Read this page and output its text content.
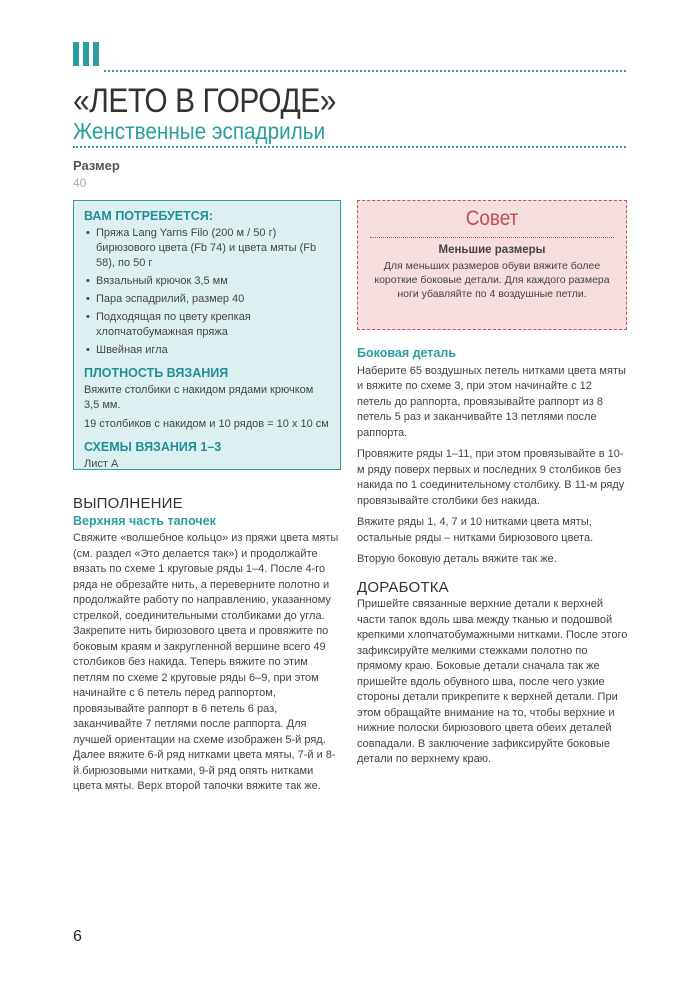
«ЛЕТО В ГОРОДЕ»
Женственные эспадрильи
Размер
40
ВАМ ПОТРЕБУЕТСЯ:
• Пряжа Lang Yarns Filo (200 м / 50 г) бирюзового цвета (Fb 74) и цвета мяты (Fb 58), по 50 г
• Вязальный крючок 3,5 мм
• Пара эспадрилий, размер 40
• Подходящая по цвету крепкая хлопчатобумажная пряжа
• Швейная игла
ПЛОТНОСТЬ ВЯЗАНИЯ

Вяжите столбики с накидом рядами крючком 3,5 мм.

19 столбиков с накидом и 10 рядов = 10 х 10 см

СХЕМЫ ВЯЗАНИЯ 1–3

Лист А

Совет
Меньшие размеры
Для меньших размеров обуви вяжите более короткие боковые детали. Для каждого размера ноги убавляйте по 4 воздушные петли.
ВЫПОЛНЕНИЕ
Верхняя часть тапочек

Свяжите «волшебное кольцо» из пряжи цвета мяты (см. раздел «Это делается так») и продолжайте вязать по схеме 1 круговые ряды 1–4. После 4-го ряда не обрезайте нить, а переверните полотно и продолжайте работу по направлению, указанному стрелкой, соединительными столбиками до угла. Закрепите нить бирюзового цвета и провяжите по боковым краям и закругленной вершине всего 49 столбиков без накида. Теперь вяжите по этим петлям по схеме 2 круговые ряды 6–9, при этом начинайте с 6 петель перед раппортом, провязывайте раппорт в 6 петель 6 раз, заканчивайте 7 петлями после раппорта. Для лучшей ориентации на схеме изображен 5-й ряд. Далее вяжите 6-й ряд нитками цвета мяты, 7-й и 8-й бирюзовыми нитками, 9-й ряд опять нитками цвета мяты. Верх второй тапочки вяжите так же.

Боковая деталь

Наберите 65 воздушных петель нитками цвета мяты и вяжите по схеме 3, при этом начинайте с 12 петель до раппорта, провязывайте раппорт из 8 петель 5 раз и заканчивайте 13 петлями после раппорта.

Провяжите ряды 1–11, при этом провязывайте в 10-м ряду поверх первых и последних 9 столбиков без накида по 1 соединительному столбику. В 11-м ряду провязывайте столбики без накида.

Вяжите ряды 1, 4, 7 и 10 нитками цвета мяты, остальные ряды – нитками бирюзового цвета.

Вторую боковую деталь вяжите так же.

ДОРАБОТКА

Пришейте связанные верхние детали к верхней части тапок вдоль шва между тканью и подошвой крепкими хлопчатобумажными нитками. После этого зафиксируйте мелкими стежками полотно по прямому краю. Боковые детали сначала так же пришейте вдоль обувного шва, после чего узкие стороны детали прикрепите к верхней детали. При этом обращайте внимание на то, чтобы верхние и нижние полоски бирюзового цвета обеих деталей совпадали. В заключение зафиксируйте боковые детали по верхнему краю.

6
